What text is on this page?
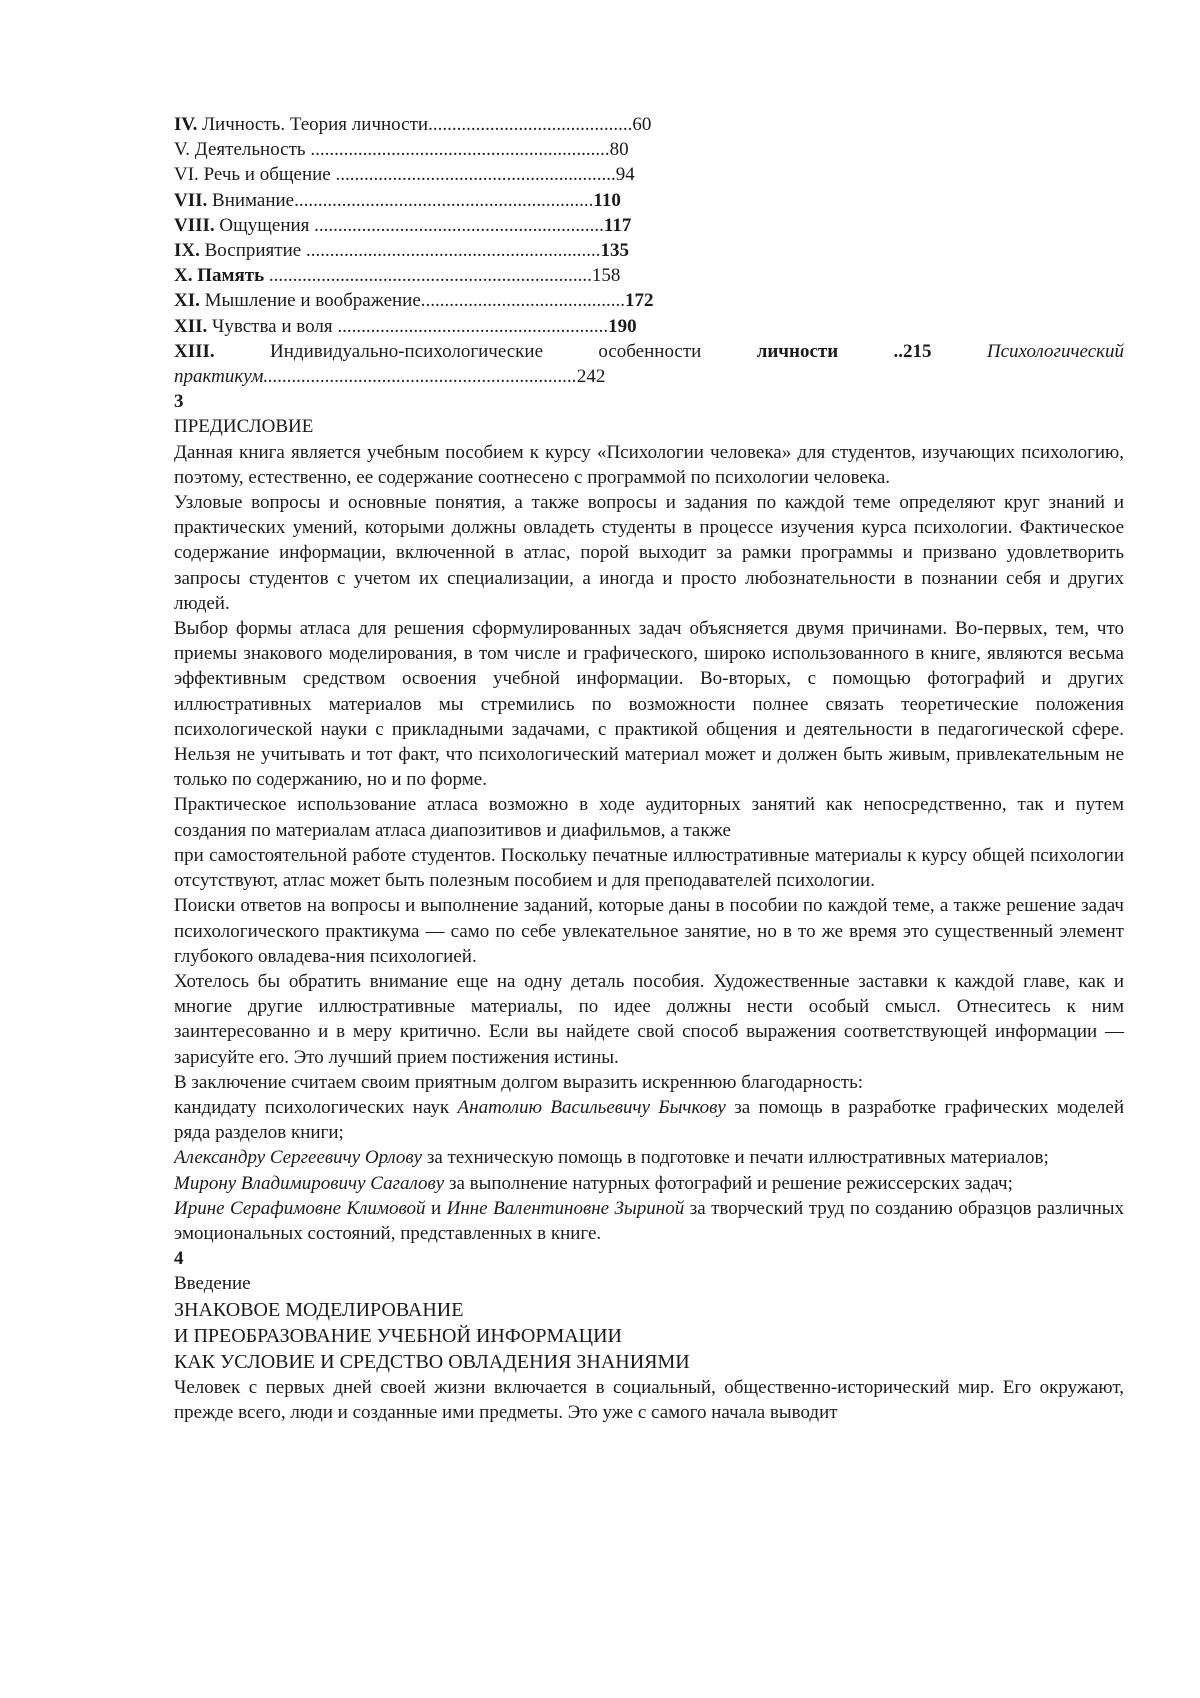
IV. Личность. Теория личности...........................................60
V. Деятельность ...............................................................80
VI. Речь и общение ...........................................................94
VII. Внимание...............................................................110
VIII. Ощущения .............................................................117
IX. Восприятие ..............................................................135
X. Память ....................................................................158
XI. Мышление и воображение...........................................172
XII. Чувства и воля .........................................................190
XIII.	Индивидуально-психологические особенности	личности	..215	Психологический практикум..................................................................242
3
ПРЕДИСЛОВИЕ

Данная книга является учебным пособием к курсу «Психологии человека» для студентов, изучающих психологию, поэтому, естественно, ее содержание соотнесено с программой по психологии человека.

Узловые вопросы и основные понятия, а также вопросы и задания по каждой теме определяют круг знаний и практических умений, которыми должны овладеть студенты в процессе изучения курса психологии. Фактическое содержание информации, включенной в атлас, порой выходит за рамки программы и призвано удовлетворить запросы студентов с учетом их специализации, а иногда и просто любознательности в познании себя и других людей.

Выбор формы атласа для решения сформулированных задач объясняется двумя причинами. Во-первых, тем, что приемы знакового моделирования, в том числе и графического, широко использованного в книге, являются весьма эффективным средством освоения учебной информации. Во-вторых, с помощью фотографий и других иллюстративных материалов мы стремились по возможности полнее связать теоретические положения психологической науки с прикладными задачами, с практикой общения и деятельности в педагогической сфере. Нельзя не учитывать и тот факт, что психологический материал может и должен быть живым, привлекательным не только по содержанию, но и по форме.

Практическое использование атласа возможно в ходе аудиторных занятий как непосредственно, так и путем создания по материалам атласа диапозитивов и диафильмов, а также

при самостоятельной работе студентов. Поскольку печатные иллюстративные материалы к курсу общей психологии отсутствуют, атлас может быть полезным пособием и для преподавателей психологии.

Поиски ответов на вопросы и выполнение заданий, которые даны в пособии по каждой теме, а также решение задач психологического практикума — само по себе увлекательное занятие, но в то же время это существенный элемент глубокого овладева-ния психологией.

Хотелось бы обратить внимание еще на одну деталь пособия. Художественные заставки к каждой главе, как и многие другие иллюстративные материалы, по идее должны нести особый смысл. Отнеситесь к ним заинтересованно и в меру критично. Если вы найдете свой способ выражения соответствующей информации — зарисуйте его. Это лучший прием постижения истины.

В заключение считаем своим приятным долгом выразить искреннюю благодарность:

кандидату психологических наук Анатолию Васильевичу Бычкову за помощь в разработке графических моделей ряда разделов книги;

Александру Сергеевичу Орлову за техническую помощь в подготовке и печати иллюстративных материалов;

Мирону Владимировичу Сагалову за выполнение натурных фотографий и решение режиссерских задач;

Ирине Серафимовне Климовой и Инне Валентиновне Зыриной за творческий труд по созданию образцов различных эмоциональных состояний, представленных в книге.

4
Введение
ЗНАКОВОЕ МОДЕЛИРОВАНИЕ
И ПРЕОБРАЗОВАНИЕ УЧЕБНОЙ ИНФОРМАЦИИ
КАК УСЛОВИЕ И СРЕДСТВО ОВЛАДЕНИЯ ЗНАНИЯМИ

Человек с первых дней своей жизни включается в социальный, общественно-исторический мир. Его окружают, прежде всего, люди и созданные ими предметы. Это уже с самого начала выводит
